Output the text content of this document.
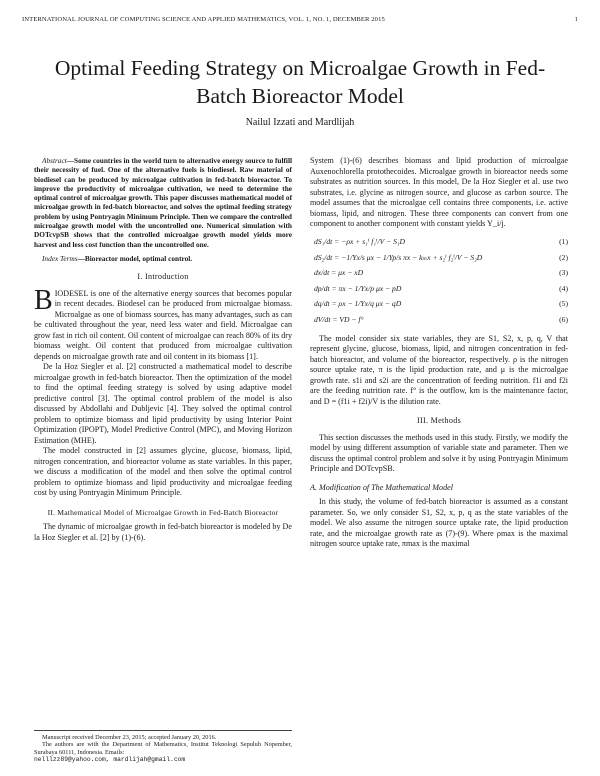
INTERNATIONAL JOURNAL OF COMPUTING SCIENCE AND APPLIED MATHEMATICS, VOL. 1, NO. 1, DECEMBER 2015	1
Optimal Feeding Strategy on Microalgae Growth in Fed-Batch Bioreactor Model
Nailul Izzati and Mardlijah

Abstract—Some countries in the world turn to alternative energy source to fulfill their necessity of fuel. One of the alternative fuels is biodiesel. Raw material of biodiesel can be produced by microalgae cultivation in fed-batch bioreactor. To improve the productivity of microalgae cultivation, we need to determine the optimal control of microalgae growth. This paper discusses mathematical model of microalgae growth in fed-batch bioreactor, and solves the optimal feeding strategy problem by using Pontryagin Minimum Principle. Then we compare the controlled microalgae growth model with the uncontrolled one. Numerical simulation with DOTcvpSB shows that the controlled microalgae growth model yields more harvest and less cost function than the uncontrolled one.

Index Terms—Bioreactor model, optimal control.

I. Introduction

BIODESEL is one of the alternative energy sources that becomes popular in recent decades. Biodesel can be produced from microalgae biomass. Microalgae as one of biomass sources, has many advantages, such as can be cultivated throughout the year, need less water and field. Microalgae can grow fast in rich oil content. Oil content of microalgae can reach 80% of its dry biomass weight. Oil content that produced from microalgae cultivation depends on microalgae growth rate and oil content in its biomass [1].

De la Hoz Siegler et al. [2] constructed a mathematical model to describe microalgae growth in fed-batch bioreactor. Then the optimization of the model to find the optimal feeding strategy is solved by using adaptive model predictive control [3]. The optimal control problem of the model is also discussed by Abdollahi and Dubljevic [4]. They solved the optimal control problem to optimize biomass and lipid productivity by using Interior Point Optimization (IPOPT), Model Predictive Control (MPC), and Moving Horizon Estimation (MHE).

The model constructed in [2] assumes glycine, glucose, biomass, lipid, nitrogen concentration, and bioreactor volume as state variables. In this paper, we discuss a modification of the model and then solve the optimal control problem to optimize biomass and lipid productivity and microalgae feeding cost by using Pontryagin Minimum Principle.

II. Mathematical Model of Microalgae Growth in Fed-Batch Bioreactor

The dynamic of microalgae growth in fed-batch bioreactor is modeled by De la Hoz Siegler et al. [2] by (1)-(6).

System (1)-(6) describes biomass and lipid production of microalgae Auxenochlorella protothecoides. Microalgae growth in bioreactor needs some substrates as nutrition sources. In this model, De la Hoz Siegler et al. use two substrates, i.e. glycine as nitrogen source, and glucose as carbon source. The model assumes that the microalgae cell contains three components, i.e. active biomass, lipid, and nitrogen. These three components can convert from one component to another component with constant yields Y_i/j.

dS₁/dt = −ρx + s₁ⁱ f₁ⁱ/V − S₁D	(1)
dS₂/dt = −1/Yx/s μx − 1/Yp/s πx − kₘx + s₂ⁱ f₂ⁱ/V − S₂D	(2)
dx/dt = μx − xD	(3)
dp/dt = πx − 1/Yx/p μx − pD	(4)
dq/dt = ρx − 1/Yx/q μx − qD	(5)
dV/dt = VD − f°	(6)

The model consider six state variables, they are S1, S2, x, p, q, V that represent glycine, glucose, biomass, lipid, and nitrogen concentration in fed-batch bioreactor, and volume of the bioreactor, respectively. ρ is the nitrogen source uptake rate, π is the lipid production rate, and μ is the microalgae growth rate. s1i and s2i are the concentration of feeding nutrition. f1i and f2i are the feeding nutrition rate. f° is the outflow, km is the maintenance factor, and D = (f1i + f2i)/V is the dilution rate.

III. Methods

This section discusses the methods used in this study. Firstly, we modify the model by using different assumption of variable state and parameter. Then we discuss the optimal control problem and solve it by using Pontryagin Minimum Principle and DOTcvpSB.

A. Modification of The Mathematical Model

In this study, the volume of fed-batch bioreactor is assumed as a constant parameter. So, we only consider S1, S2, x, p, q as the state variables of the model. We also assume the nitrogen source uptake rate, the lipid production rate, and the microalgae growth rate as (7)-(9). Where ρmax is the maximal nitrogen source uptake rate, πmax is the maximal

Manuscript received December 23, 2015; accepted January 20, 2016.

The authors are with the Department of Mathematics, Institut Teknologi Sepuluh Nopember, Surabaya 60111, Indonesia. Emails:

nelllzz89@yahoo.com, mardlijah@gmail.com
